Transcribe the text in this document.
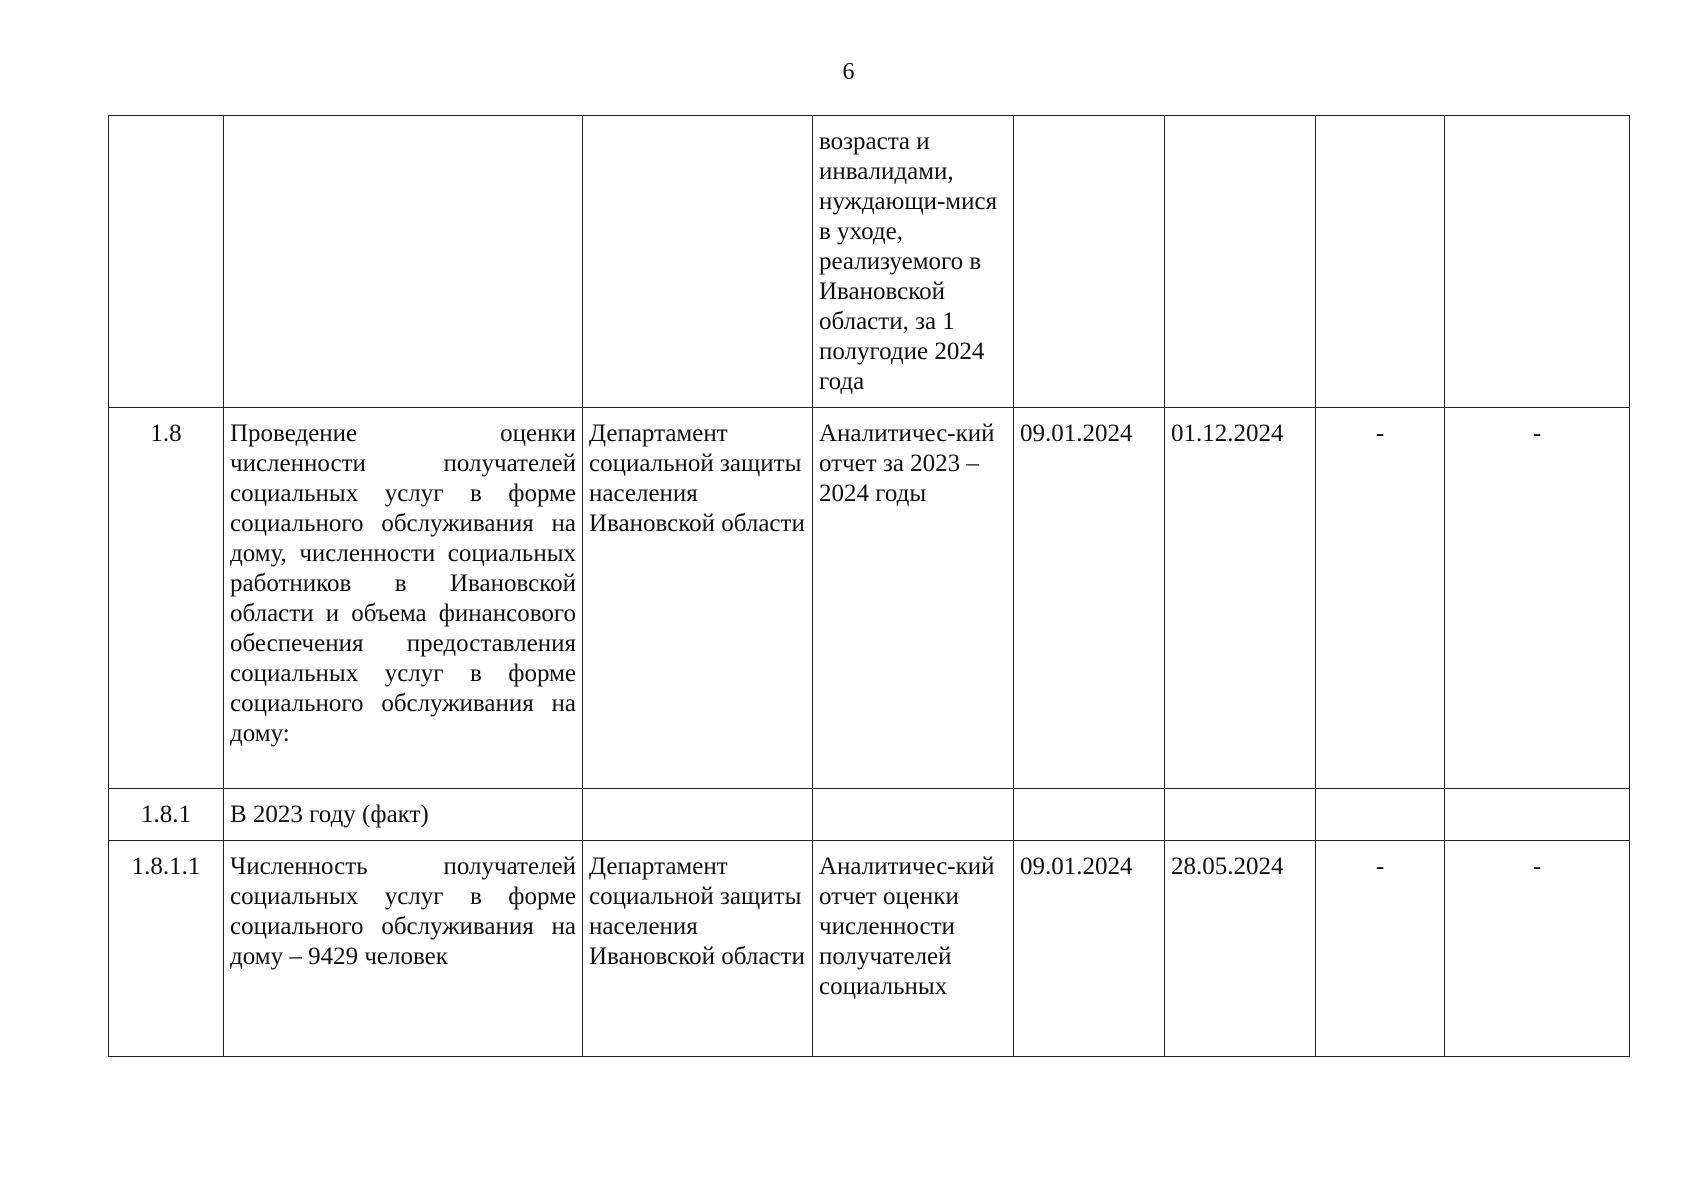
6
			возраста и инвалидами, нуждающи-мися в уходе, реализуемого в Ивановской области, за 1 полугодие 2024 года				
1.8	Проведение оценки численности получателей социальных услуг в форме социального обслуживания на дому, численности социальных работников в Ивановской области и объема финансового обеспечения предоставления социальных услуг в форме социального обслуживания на дому:	Департамент социальной защиты населения Ивановской области	Аналитичес-кий отчет за 2023 – 2024 годы	09.01.2024	01.12.2024	-	-
1.8.1	В 2023 году (факт)						
1.8.1.1	Численность получателей социальных услуг в форме социального обслуживания на дому – 9429 человек	Департамент социальной защиты населения Ивановской области	Аналитичес-кий отчет оценки численности получателей социальных	09.01.2024	28.05.2024	-	-
